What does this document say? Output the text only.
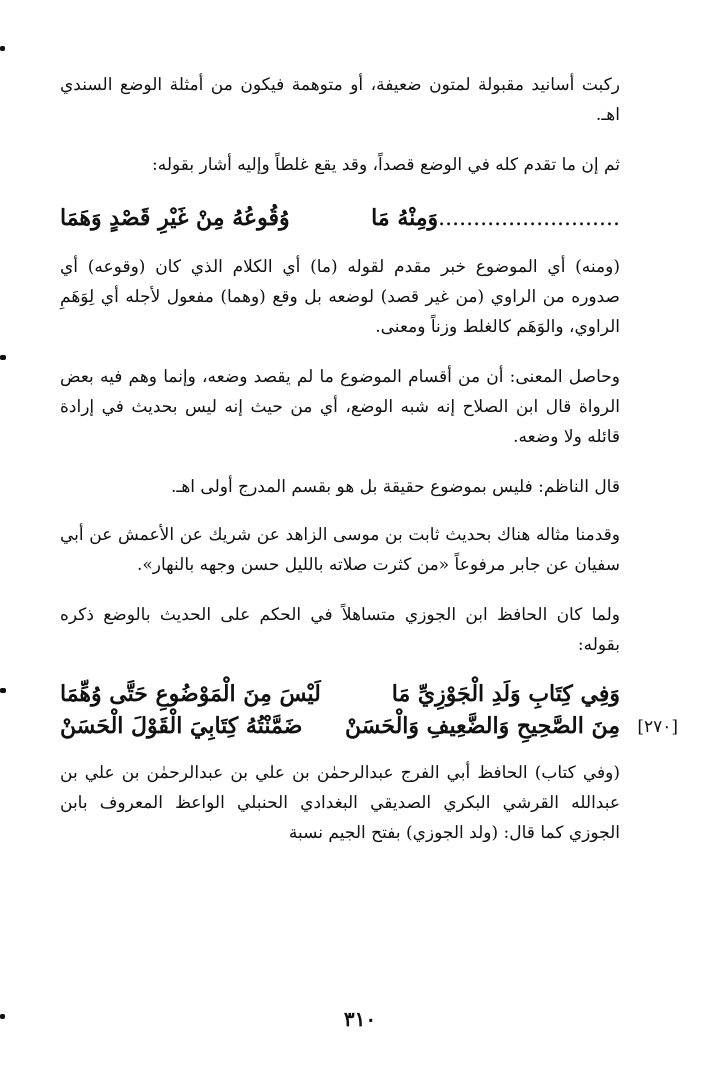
ركبت أسانيد مقبولة لمتون ضعيفة، أو متوهمة فيكون من أمثلة الوضع السندي اهـ.

ثم إن ما تقدم كله في الوضع قصداً، وقد يقع غلطاً وإليه أشار بقوله:

..........................وَمِنْهُ مَا
وُقُوعُهُ مِنْ غَيْرِ قَصْدٍ وَهَمَا

(ومنه) أي الموضوع خبر مقدم لقوله (ما) أي الكلام الذي كان (وقوعه) أي صدوره من الراوي (من غير قصد) لوضعه بل وقع (وهما) مفعول لأجله أي لِوَهَمِ الراوي، والوَهَم كالغلط وزناً ومعنى.

وحاصل المعنى: أن من أقسام الموضوع ما لم يقصد وضعه، وإنما وهم فيه بعض الرواة قال ابن الصلاح إنه شبه الوضع، أي من حيث إنه ليس بحديث في إرادة قائله ولا وضعه.

قال الناظم: فليس بموضوع حقيقة بل هو بقسم المدرج أولى اهـ.

وقدمنا مثاله هناك بحديث ثابت بن موسى الزاهد عن شريك عن الأعمش عن أبي سفيان عن جابر مرفوعاً «من كثرت صلاته بالليل حسن وجهه بالنهار».

ولما كان الحافظ ابن الجوزي متساهلاً في الحكم على الحديث بالوضع ذكره بقوله:

وَفِي كِتَابِ وَلَدِ الْجَوْزِيِّ مَا
لَيْسَ مِنَ الْمَوْضُوعِ حَتَّى وُهِّمَا
مِنَ الصَّحِيحِ وَالضَّعِيفِ وَالْحَسَنْ
ضَمَّنْتُهُ كِتَابِيَ الْقَوْلَ الْحَسَنْ	[٢٧٠]

(وفي كتاب) الحافظ أبي الفرج عبدالرحمٰن بن علي بن عبدالرحمٰن بن علي بن عبدالله القرشي البكري الصديقي البغدادي الحنبلي الواعظ المعروف بابن الجوزي كما قال: (ولد الجوزي) بفتح الجيم نسبة

٣١٠
